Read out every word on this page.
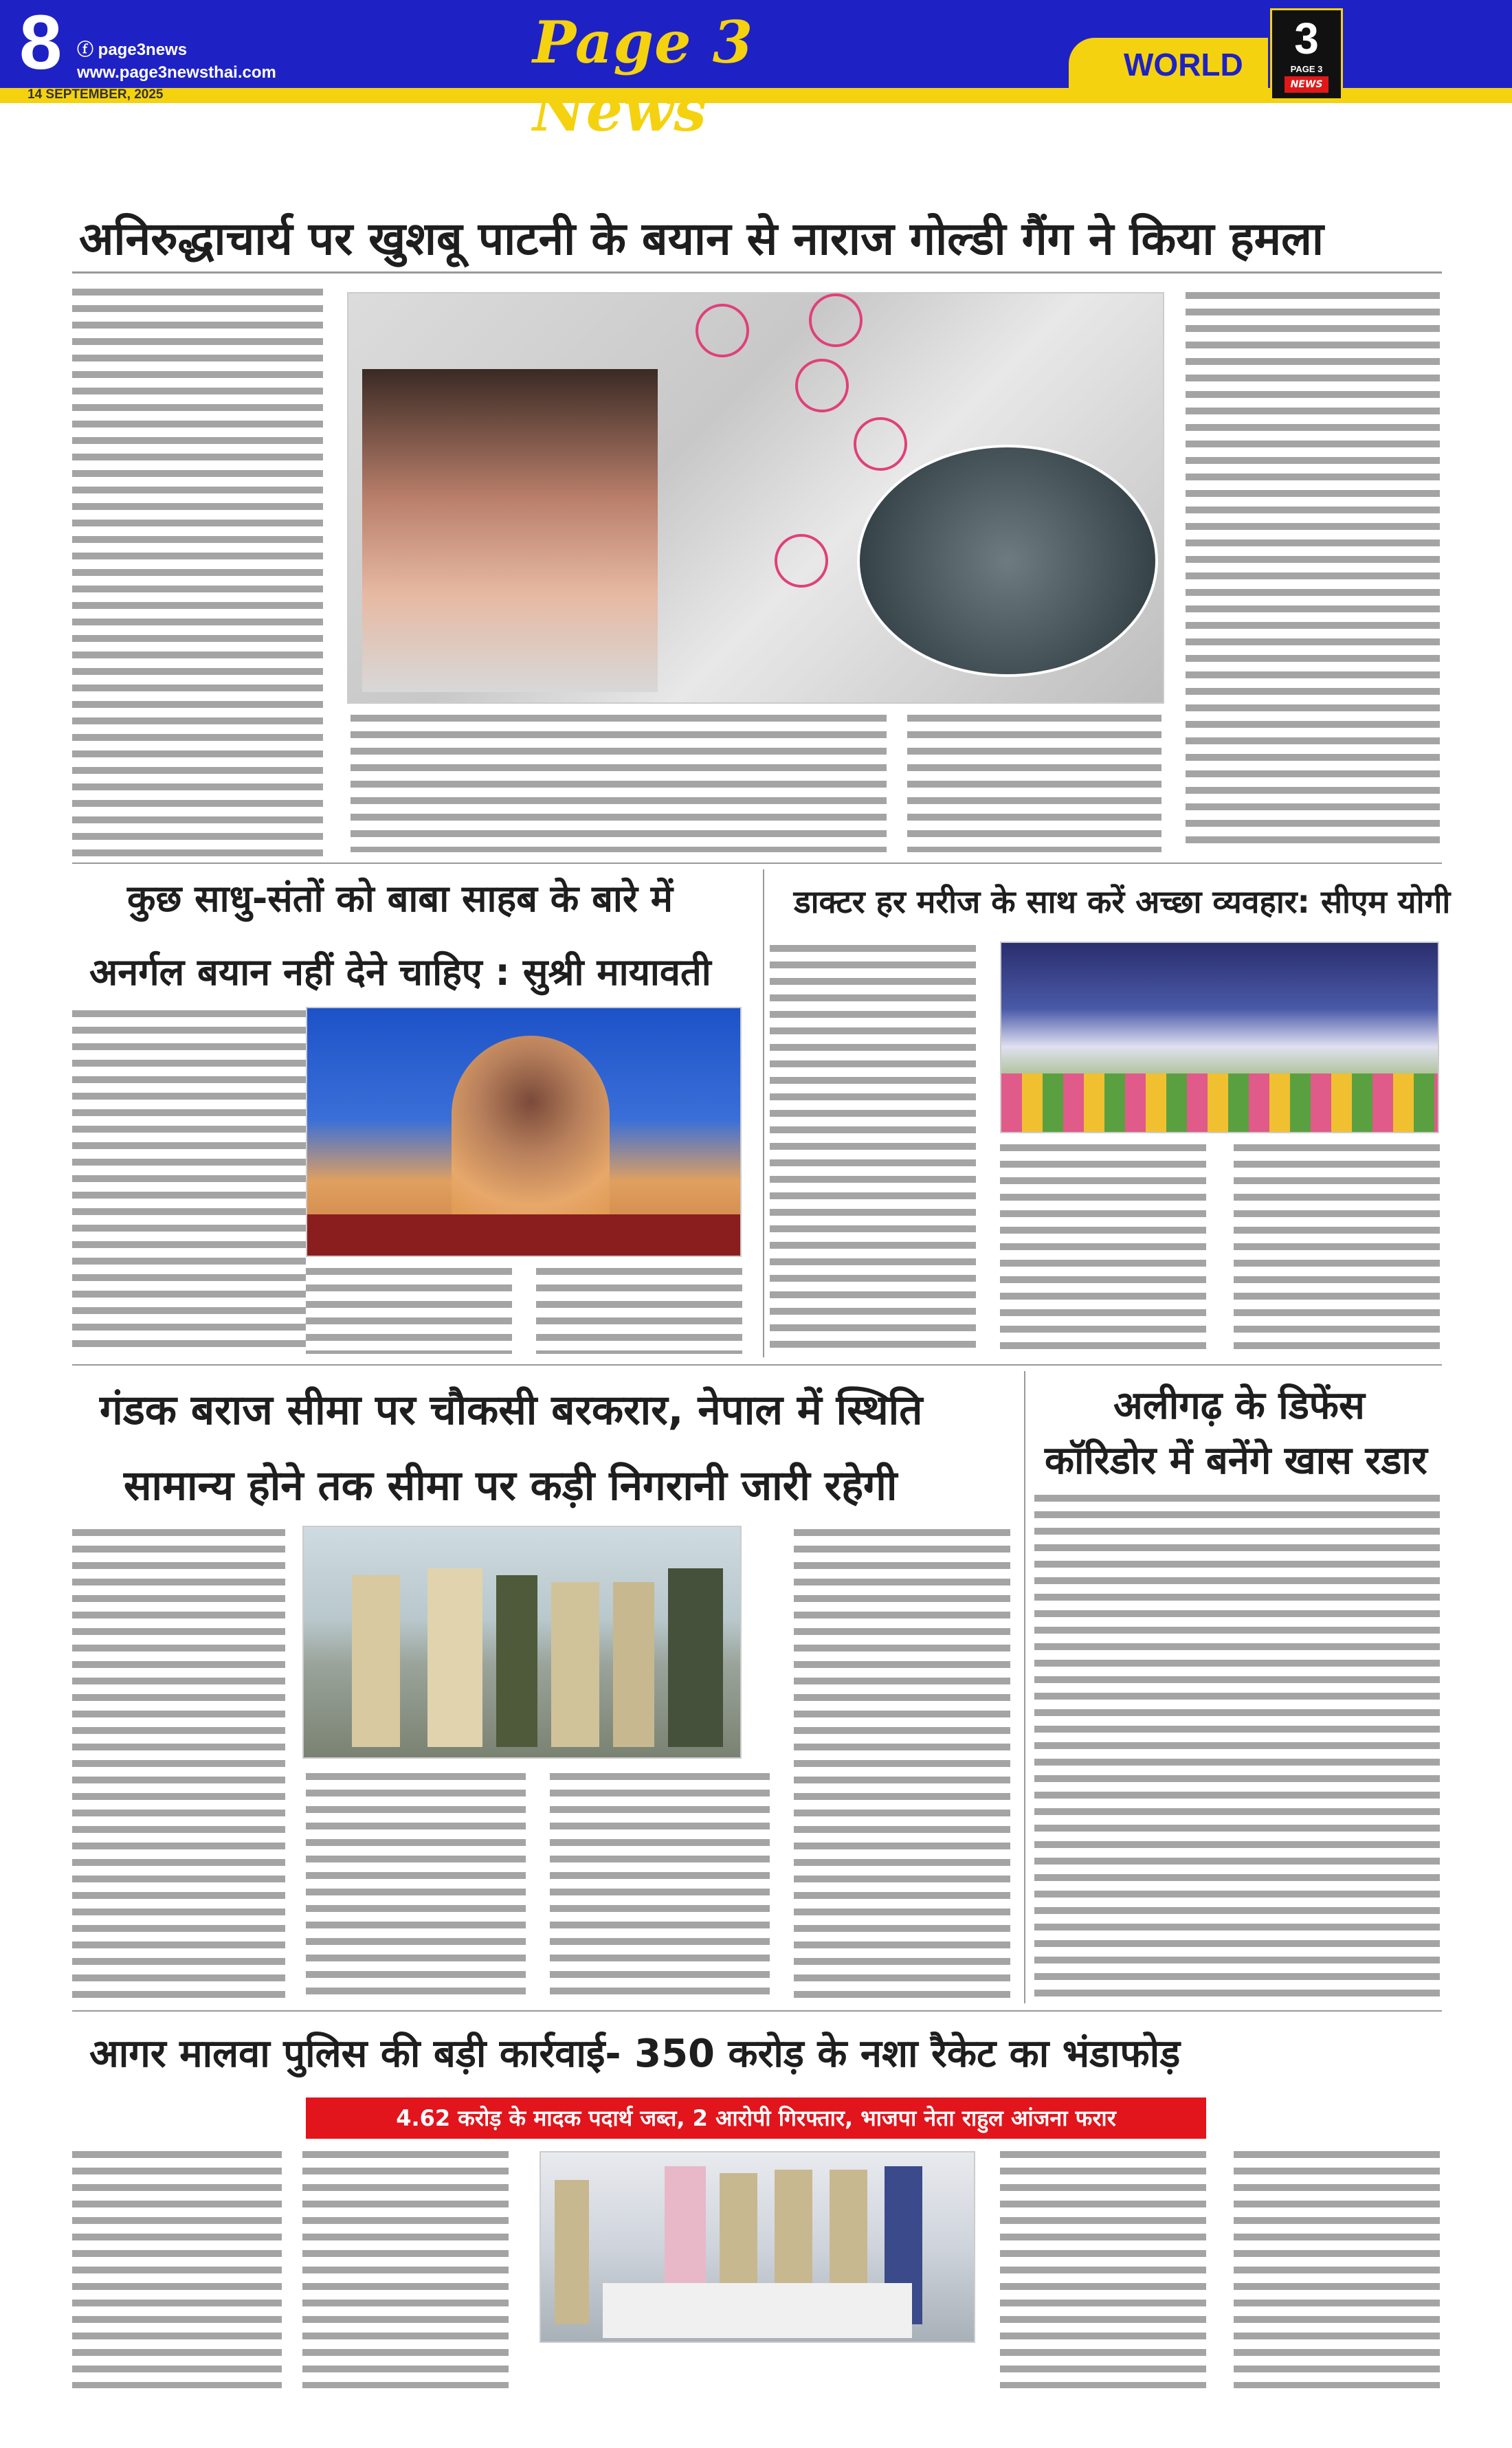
8 ⓕ page3news
www.page3newsthai.com
14 SEPTEMBER, 2025
Page 3 News
WORLD
3
PAGE 3
NEWS
अनिरुद्धाचार्य पर खुशबू पाटनी के बयान से नाराज गोल्डी गैंग ने किया हमला
कुछ साधु-संतों को बाबा साहब के बारे में
अनर्गल बयान नहीं देने चाहिए : सुश्री मायावती
डाक्टर हर मरीज के साथ करें अच्छा व्यवहार: सीएम योगी
गंडक बराज सीमा पर चौकसी बरकरार, नेपाल में स्थिति
सामान्य होने तक सीमा पर कड़ी निगरानी जारी रहेगी
अलीगढ़ के डिफेंस
कॉरिडोर में बनेंगे खास रडार
आगर मालवा पुलिस की बड़ी कार्रवाई- 350 करोड़ के नशा रैकेट का भंडाफोड़
4.62 करोड़ के मादक पदार्थ जब्त, 2 आरोपी गिरफ्तार, भाजपा नेता राहुल आंजना फरार
